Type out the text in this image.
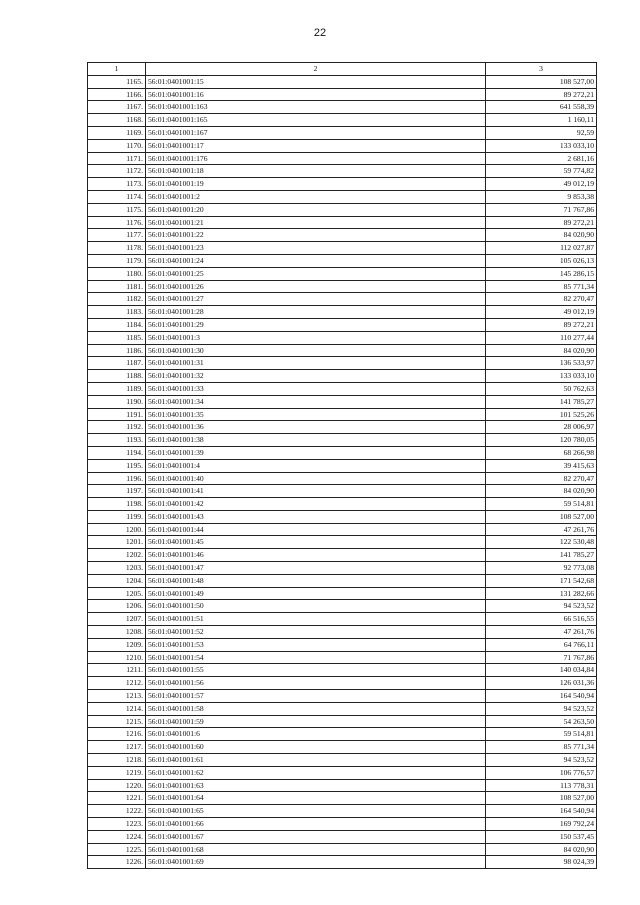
22
1	2	3
1165.	56:01:0401001:15	108 527,00
1166.	56:01:0401001:16	89 272,21
1167.	56:01:0401001:163	641 558,39
1168.	56:01:0401001:165	1 160,11
1169.	56:01:0401001:167	92,59
1170.	56:01:0401001:17	133 033,10
1171.	56:01:0401001:176	2 681,16
1172.	56:01:0401001:18	59 774,82
1173.	56:01:0401001:19	49 012,19
1174.	56:01:0401001:2	9 853,38
1175.	56:01:0401001:20	71 767,86
1176.	56:01:0401001:21	89 272,21
1177.	56:01:0401001:22	84 020,90
1178.	56:01:0401001:23	112 027,87
1179.	56:01:0401001:24	105 026,13
1180.	56:01:0401001:25	145 286,15
1181.	56:01:0401001:26	85 771,34
1182.	56:01:0401001:27	82 270,47
1183.	56:01:0401001:28	49 012,19
1184.	56:01:0401001:29	89 272,21
1185.	56:01:0401001:3	110 277,44
1186.	56:01:0401001:30	84 020,90
1187.	56:01:0401001:31	136 533,97
1188.	56:01:0401001:32	133 033,10
1189.	56:01:0401001:33	50 762,63
1190.	56:01:0401001:34	141 785,27
1191.	56:01:0401001:35	101 525,26
1192.	56:01:0401001:36	28 006,97
1193.	56:01:0401001:38	120 780,05
1194.	56:01:0401001:39	68 266,98
1195.	56:01:0401001:4	39 415,63
1196.	56:01:0401001:40	82 270,47
1197.	56:01:0401001:41	84 020,90
1198.	56:01:0401001:42	59 514,81
1199.	56:01:0401001:43	108 527,00
1200.	56:01:0401001:44	47 261,76
1201.	56:01:0401001:45	122 530,48
1202.	56:01:0401001:46	141 785,27
1203.	56:01:0401001:47	92 773,08
1204.	56:01:0401001:48	171 542,68
1205.	56:01:0401001:49	131 282,66
1206.	56:01:0401001:50	94 523,52
1207.	56:01:0401001:51	66 516,55
1208.	56:01:0401001:52	47 261,76
1209.	56:01:0401001:53	64 766,11
1210.	56:01:0401001:54	71 767,86
1211.	56:01:0401001:55	140 034,84
1212.	56:01:0401001:56	126 031,36
1213.	56:01:0401001:57	164 540,94
1214.	56:01:0401001:58	94 523,52
1215.	56:01:0401001:59	54 263,50
1216.	56:01:0401001:6	59 514,81
1217.	56:01:0401001:60	85 771,34
1218.	56:01:0401001:61	94 523,52
1219.	56:01:0401001:62	106 776,57
1220.	56:01:0401001:63	113 778,31
1221.	56:01:0401001:64	108 527,00
1222.	56:01:0401001:65	164 540,94
1223.	56:01:0401001:66	169 792,24
1224.	56:01:0401001:67	150 537,45
1225.	56:01:0401001:68	84 020,90
1226.	56:01:0401001:69	98 024,39
